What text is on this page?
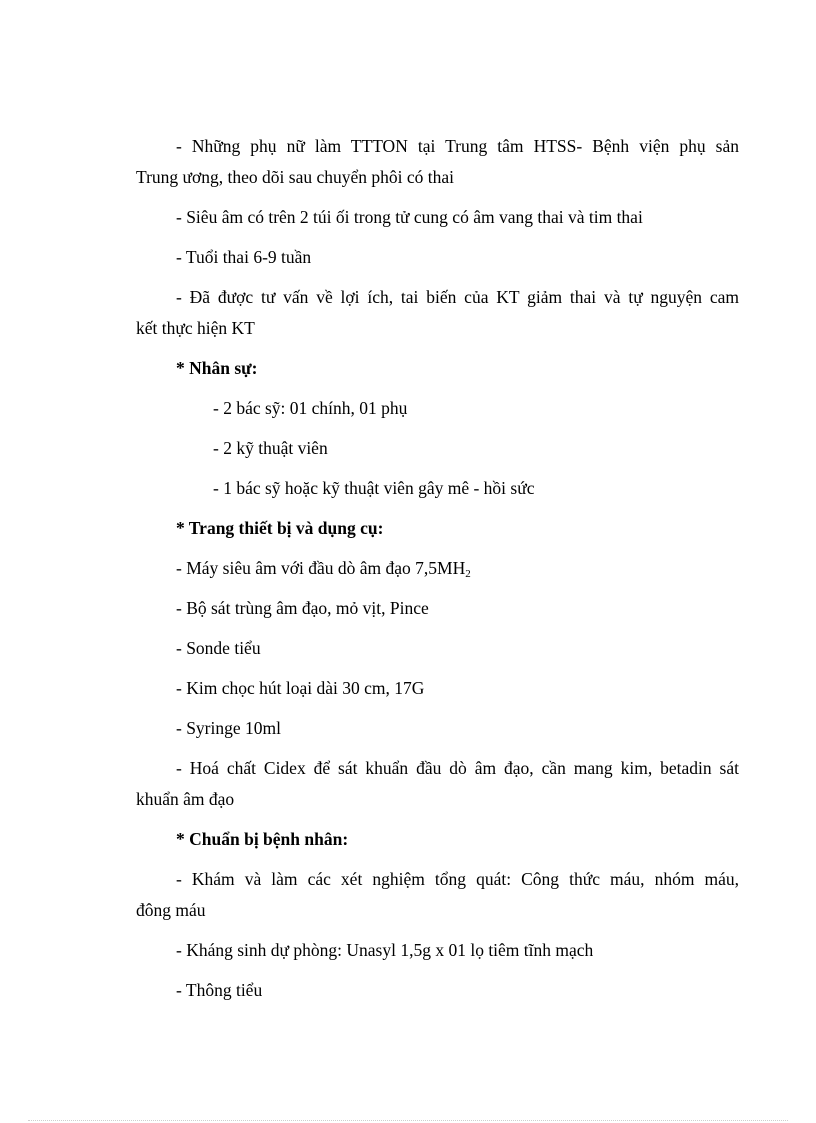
- Những phụ nữ làm TTTON tại Trung tâm HTSS- Bệnh viện phụ sản
Trung ương, theo dõi sau chuyển phôi có thai

- Siêu âm có trên 2 túi ối trong tử cung có âm vang thai và tim thai

- Tuổi thai 6-9 tuần

- Đã được tư vấn về lợi ích, tai biến của KT giảm thai và tự nguyện cam
kết thực hiện KT

* Nhân sự:

- 2 bác sỹ: 01 chính, 01 phụ

- 2 kỹ thuật viên

- 1 bác sỹ hoặc kỹ thuật viên gây mê - hồi sức

* Trang thiết bị và dụng cụ:

- Máy siêu âm với đầu dò âm đạo $7,5MH_2$

- Bộ sát trùng âm đạo, mỏ vịt, Pince

- Sonde tiểu

- Kim chọc hút loại dài 30 cm, 17G

- Syringe 10ml

- Hoá chất Cidex để sát khuẩn đầu dò âm đạo, cần mang kim, betadin sát
khuẩn âm đạo

* Chuẩn bị bệnh nhân:

- Khám và làm các xét nghiệm tổng quát: Công thức máu, nhóm máu,
đông máu

- Kháng sinh dự phòng: Unasyl 1,5g x 01 lọ tiêm tĩnh mạch

- Thông tiểu
